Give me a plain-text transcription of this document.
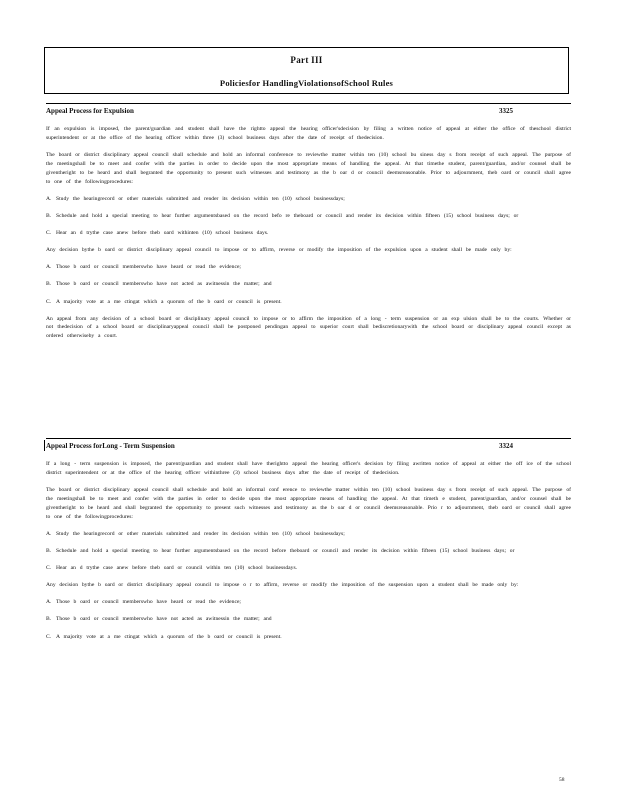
Part III
Policiesfor HandlingViolationsofSchool Rules
Appeal Process for Expulsion	3325

If an expulsion is imposed, the parent/guardian and student shall have the rightto appeal the hearing officer'sdecision by filing a written notice of appeal at either the office of theschool district superintendent or at the office of the hearing officer within three (3) school business days after the date of receipt of thedecision.

The board or district disciplinary appeal council shall schedule and hold an informal conference to reviewthe matter within ten (10) school bu siness day s from receipt of such appeal. The purpose of the meetingshall be to meet and confer with the parties in order to decide upon the most appropriate means of handling the appeal. At that timethe student, parent/guardian, and/or counsel shall be giventheright to be heard and shall begranted the opportunity to present such witnesses and testimony as the b oar d or council deemsreasonable. Prior to adjournment, theb oard or council shall agree to one of the followingprocedures:

A. Study the hearingrecord or other materials submitted and render its decision within ten (10) school businessdays;
B. Schedule and hold a special meeting to hear further argumentsbased on the record befo re theboard or council and render its decision within fifteen (15) school business days; or
C. Hear an d trythe case anew before theb oard withinten (10) school business days.

Any decision bythe b oard or district disciplinary appeal council to impose or to affirm, reverse or modify the imposition of the expulsion upon a student shall be made only by:

A. Those b oard or council memberswho have heard or read the evidence;
B. Those b oard or council memberswho have not acted as awitnessin the matter; and
C. A majority vote at a me ctingat which a quorum of the b oard or council is present.

An appeal from any decision of a school board or disciplinary appeal council to impose or to affirm the imposition of a long - term suspension or an exp ulsion shall be to the courts. Whether or not thedecision of a school board or disciplinaryappeal council shall be postponed pendingan appeal to superior court shall bediscretionarywith the school board or disciplinary appeal council except as ordered otherwiseby a court.

Appeal Process forLong - Term Suspension	3324

If a long - term suspension is imposed, the parent/guardian and student shall have therightto appeal the hearing officer's decision by filing awritten notice of appeal at either the off ice of the school district superintendent or at the office of the hearing officer withinthree (3) school business days after the date of receipt of thedecision.

The board or district disciplinary appeal council shall schedule and hold an informal conf erence to reviewthe matter within ten (10) school business day s from receipt of such appeal. The purpose of the meetingshall be to meet and confer with the parties in order to decide upon the most appropriate means of handling the appeal. At that timeth e student, parent/guardian, and/or counsel shall be giventheright to be heard and shall begranted the opportunity to present such witnesses and testimony as the b oar d or council deemsreasonable. Prio r to adjournment, theb oard or council shall agree to one of the followingprocedures:

A. Study the hearingrecord or other materials submitted and render its decision within ten (10) school businessdays;
B. Schedule and hold a special meeting to hear further argumentsbased on the record before theboard or council and render its decision within fifteen (15) school business days; or
C. Hear an d trythe case anew before theb oard or council within ten (10) school businessdays.

Any decision bythe b oard or district disciplinary appeal council to impose o r to affirm, reverse or modify the imposition of the suspension upon a student shall be made only by:

A. Those b oard or council memberswho have heard or read the evidence;
B. Those b oard or council memberswho have not acted as awitnessin the matter; and
C. A majority vote at a me ctingat which a quorum of the b oard or council is present.
58
